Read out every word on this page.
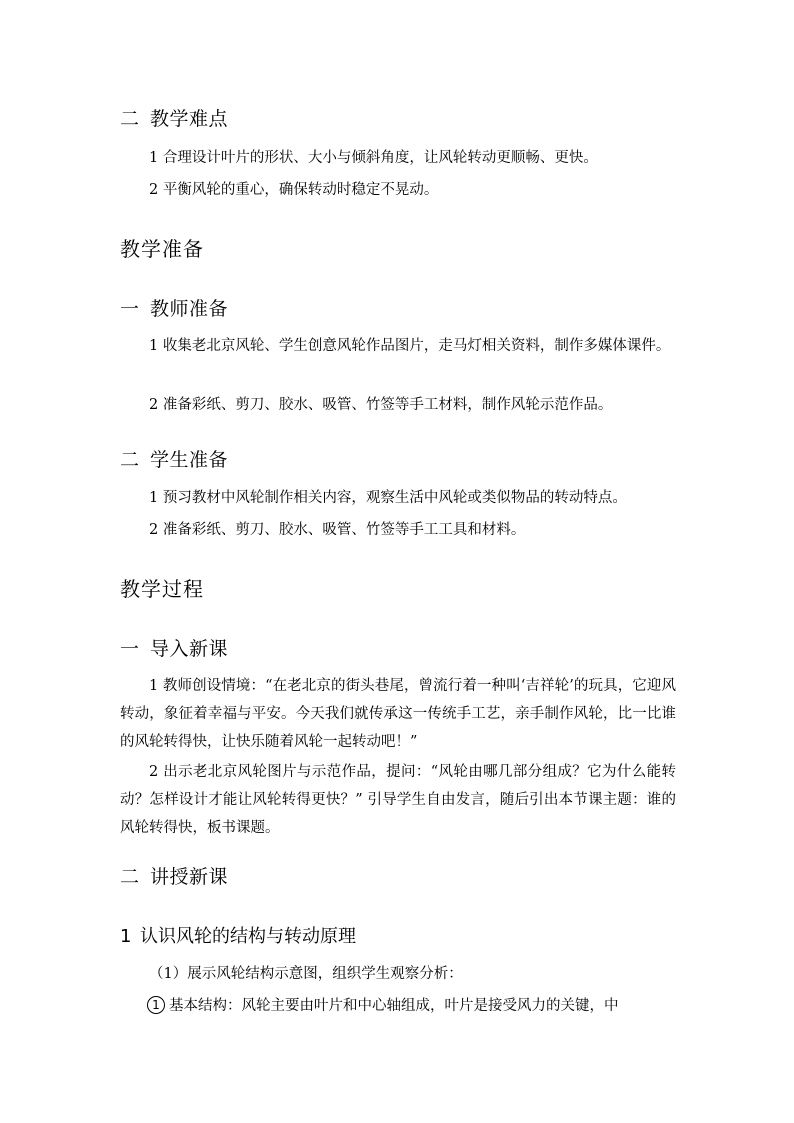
二 教学难点

1 合理设计叶片的形状、大小与倾斜角度，让风轮转动更顺畅、更快。

2 平衡风轮的重心，确保转动时稳定不晃动。

教学准备
一 教师准备

1 收集老北京风轮、学生创意风轮作品图片，走马灯相关资料，制作多媒体课件。

2 准备彩纸、剪刀、胶水、吸管、竹签等手工材料，制作风轮示范作品。

二 学生准备

1 预习教材中风轮制作相关内容，观察生活中风轮或类似物品的转动特点。

2 准备彩纸、剪刀、胶水、吸管、竹签等手工工具和材料。

教学过程
一 导入新课

1 教师创设情境：“在老北京的街头巷尾，曾流行着一种叫‘吉祥轮’的玩具，它迎风转动，象征着幸福与平安。今天我们就传承这一传统手工艺，亲手制作风轮，比一比谁的风轮转得快，让快乐随着风轮一起转动吧！”

2 出示老北京风轮图片与示范作品，提问：“风轮由哪几部分组成？它为什么能转动？怎样设计才能让风轮转得更快？” 引导学生自由发言，随后引出本节课主题：谁的风轮转得快，板书课题。

二 讲授新课
1 认识风轮的结构与转动原理

（1）展示风轮结构示意图，组织学生观察分析：

1 基本结构：风轮主要由叶片和中心轴组成，叶片是接受风力的关键，中
